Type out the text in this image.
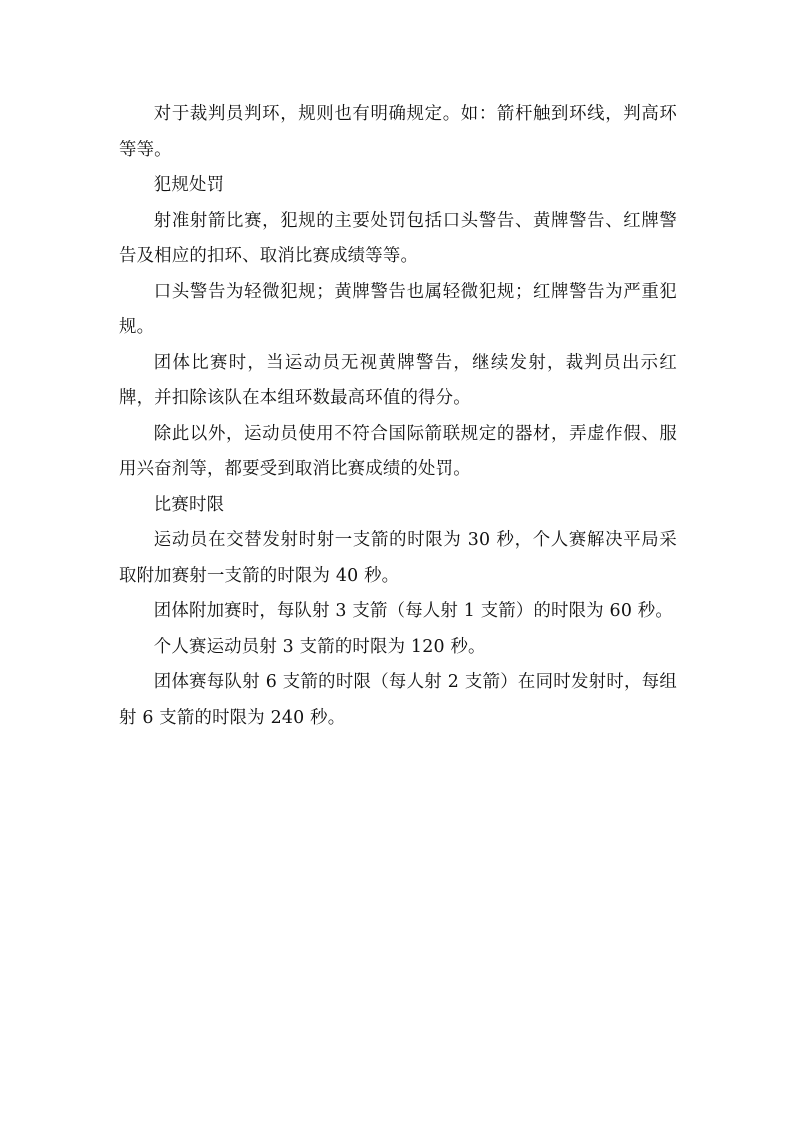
对于裁判员判环，规则也有明确规定。如：箭杆触到环线，判高环等等。

犯规处罚

射准射箭比赛，犯规的主要处罚包括口头警告、黄牌警告、红牌警告及相应的扣环、取消比赛成绩等等。

口头警告为轻微犯规；黄牌警告也属轻微犯规；红牌警告为严重犯规。

团体比赛时，当运动员无视黄牌警告，继续发射，裁判员出示红牌，并扣除该队在本组环数最高环值的得分。

除此以外，运动员使用不符合国际箭联规定的器材，弄虚作假、服用兴奋剂等，都要受到取消比赛成绩的处罚。

比赛时限

运动员在交替发射时射一支箭的时限为 30 秒，个人赛解决平局采取附加赛射一支箭的时限为 40 秒。

团体附加赛时，每队射 3 支箭（每人射 1 支箭）的时限为 60 秒。

个人赛运动员射 3 支箭的时限为 120 秒。

团体赛每队射 6 支箭的时限（每人射 2 支箭）在同时发射时，每组射 6 支箭的时限为 240 秒。
